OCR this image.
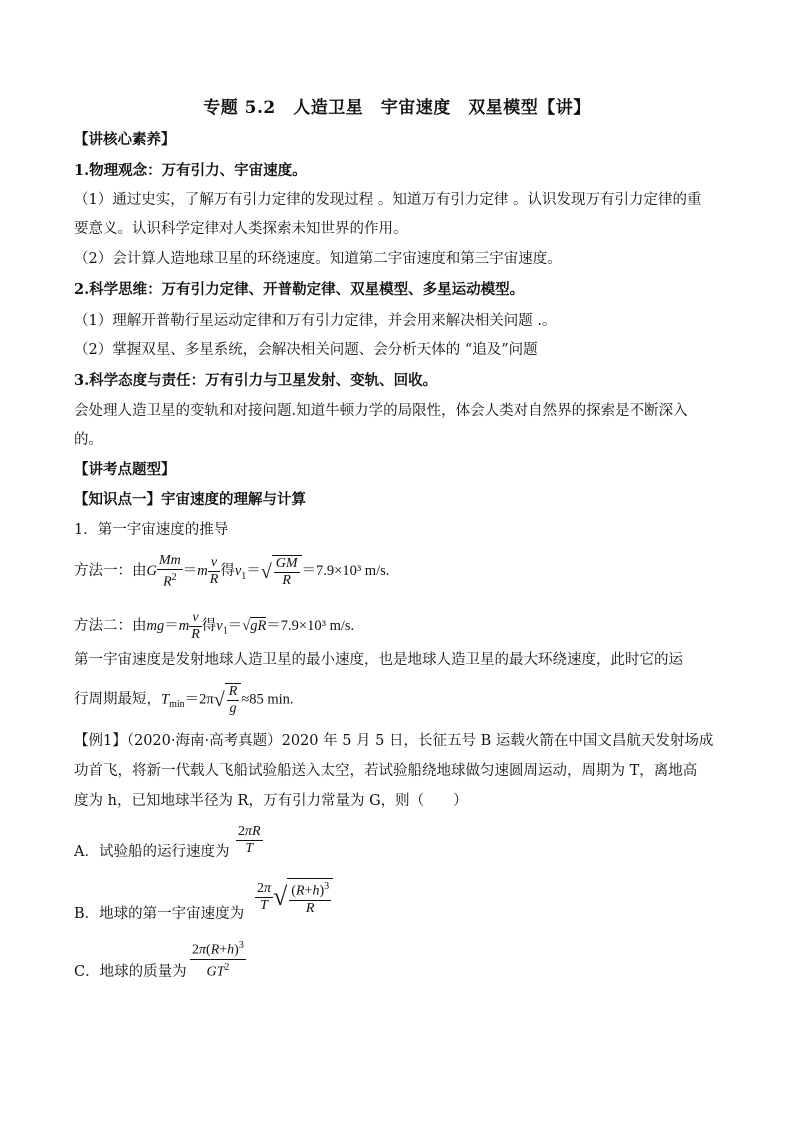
专题 5.2　人造卫星　宇宙速度　双星模型【讲】
【讲核心素养】
1.物理观念：万有引力、宇宙速度。
（1）通过史实，了解万有引力定律的发现过程 。知道万有引力定律 。认识发现万有引力定律的重
要意义。认识科学定律对人类探索未知世界的作用。
（2）会计算人造地球卫星的环绕速度。知道第二宇宙速度和第三宇宙速度。
2.科学思维：万有引力定律、开普勒定律、双星模型、多星运动模型。
（1）理解开普勒行星运动定律和万有引力定律，并会用来解决相关问题 .。
（2）掌握双星、多星系统，会解决相关问题、会分析天体的 “追及”问题
3.科学态度与责任：万有引力与卫星发射、变轨、回收。
会处理人造卫星的变轨和对接问题.知道牛顿力学的局限性，体会人类对自然界的探索是不断深入
的。
【讲考点题型】
【知识点一】宇宙速度的理解与计算
1．第一宇宙速度的推导
方法一：由G $\frac{Mm}{R^2} =m \frac{v}{R}$ 得$v_1=√ \frac{GM}{R} =7.9\times 10^3$ m/s.
方法二：由$mg=m \frac{v}{R}$ 得$v_1=√gR=7.9\times 10^3$ m/s.
第一宇宙速度是发射地球人造卫星的最小速度，也是地球人造卫星的最大环绕速度，此时它的运
行周期最短，$T_{min}=2\pi√ \frac{R}{g} \approx 85$ min.
【例1】（2020·海南·高考真题）2020 年 5 月 5 日，长征五号 B 运载火箭在中国文昌航天发射场成
功首飞，将新一代载人飞船试验船送入太空，若试验船绕地球做匀速圆周运动，周期为 T，离地高
度为 h，已知地球半径为 R，万有引力常量为 G，则（　　）
A．试验船的运行速度为 $\frac{2\pi R}{T}$
B．地球的第一宇宙速度为
$\frac{2\pi}{T}$ √ $\frac{(R+h)^3}{R}$
C．地球的质量为 $\frac{2\pi(R+h)^3}{GT^2}$
